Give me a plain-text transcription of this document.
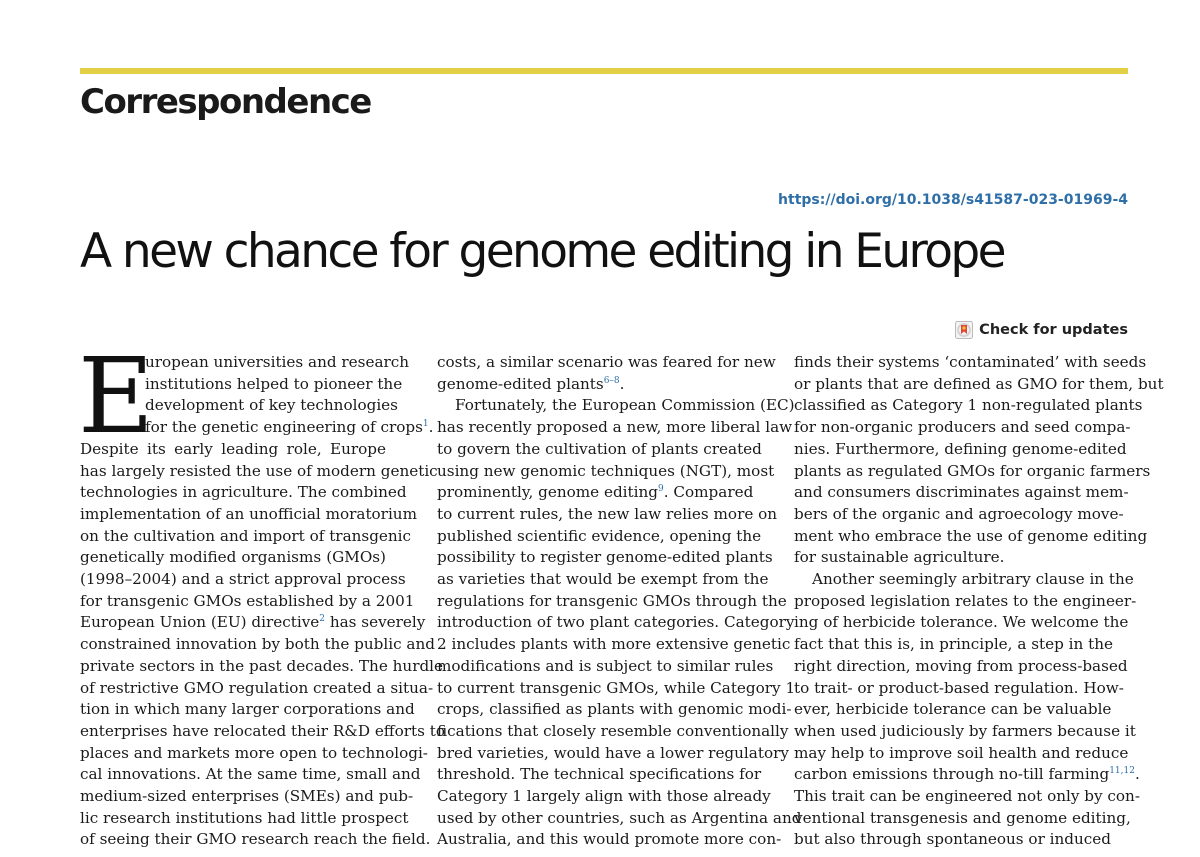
Correspondence
https://doi.org/10.1038/s41587-023-01969-4
A new chance for genome editing in Europe
Check for updates
E

uropean universities and research
institutions helped to pioneer the
development of key technologies
for the genetic engineering of crops$^1$.
Despite its early leading role, Europe
has largely resisted the use of modern genetic
technologies in agriculture. The combined
implementation of an unofficial moratorium
on the cultivation and import of transgenic
genetically modified organisms (GMOs)
(1998–2004) and a strict approval process
for transgenic GMOs established by a 2001
European Union (EU) directive$^2$ has severely
constrained innovation by both the public and
private sectors in the past decades. The hurdle
of restrictive GMO regulation created a situa-
tion in which many larger corporations and
enterprises have relocated their R&D efforts to
places and markets more open to technologi-
cal innovations. At the same time, small and
medium-sized enterprises (SMEs) and pub-
lic research institutions had little prospect
of seeing their GMO research reach the field.

costs, a similar scenario was feared for new
genome-edited plants$^{6-8}$.

Fortunately, the European Commission (EC)
has recently proposed a new, more liberal law
to govern the cultivation of plants created
using new genomic techniques (NGT), most
prominently, genome editing$^9$. Compared
to current rules, the new law relies more on
published scientific evidence, opening the
possibility to register genome-edited plants
as varieties that would be exempt from the
regulations for transgenic GMOs through the
introduction of two plant categories. Category
2 includes plants with more extensive genetic
modifications and is subject to similar rules
to current transgenic GMOs, while Category 1
crops, classified as plants with genomic modi-
fications that closely resemble conventionally
bred varieties, would have a lower regulatory
threshold. The technical specifications for
Category 1 largely align with those already
used by other countries, such as Argentina and
Australia, and this would promote more con-

finds their systems ‘contaminated’ with seeds
or plants that are defined as GMO for them, but
classified as Category 1 non-regulated plants
for non-organic producers and seed compa-
nies. Furthermore, defining genome-edited
plants as regulated GMOs for organic farmers
and consumers discriminates against mem-
bers of the organic and agroecology move-
ment who embrace the use of genome editing
for sustainable agriculture.

Another seemingly arbitrary clause in the
proposed legislation relates to the engineer-
ing of herbicide tolerance. We welcome the
fact that this is, in principle, a step in the
right direction, moving from process-based
to trait- or product-based regulation. How-
ever, herbicide tolerance can be valuable
when used judiciously by farmers because it
may help to improve soil health and reduce
carbon emissions through no-till farming$^{11,12}$.
This trait can be engineered not only by con-
ventional transgenesis and genome editing,
but also through spontaneous or induced
